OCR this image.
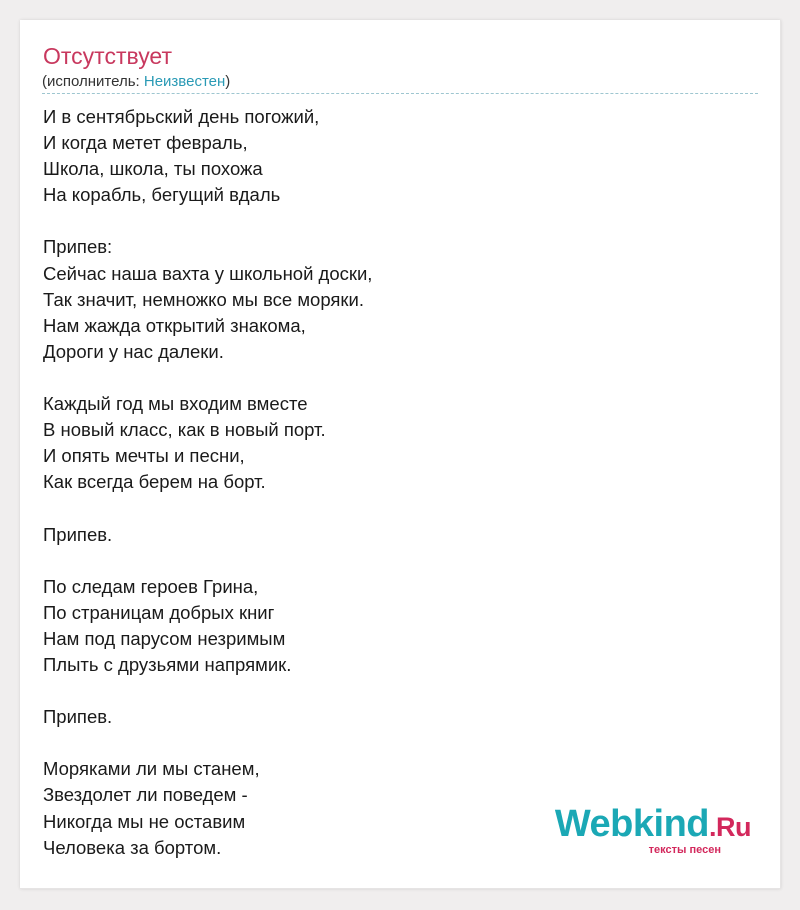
Отсутствует
(исполнитель: Неизвестен)
И в сентябрьский день погожий,
И когда метет февраль,
Школа, школа, ты похожа
На корабль, бегущий вдаль

Припев:
Сейчас наша вахта у школьной доски,
Так значит, немножко мы все моряки.
Нам жажда открытий знакома,
Дороги у нас далеки.

Каждый год мы входим вместе
В новый класс, как в новый порт.
И опять мечты и песни,
Как всегда берем на борт.

Припев.

По следам героев Грина,
По страницам добрых книг
Нам под парусом незримым
Плыть с друзьями напрямик.

Припев.

Моряками ли мы станем,
Звездолет ли поведем -
Никогда мы не оставим
Человека за бортом.
Webkind.Ru
тексты песен
